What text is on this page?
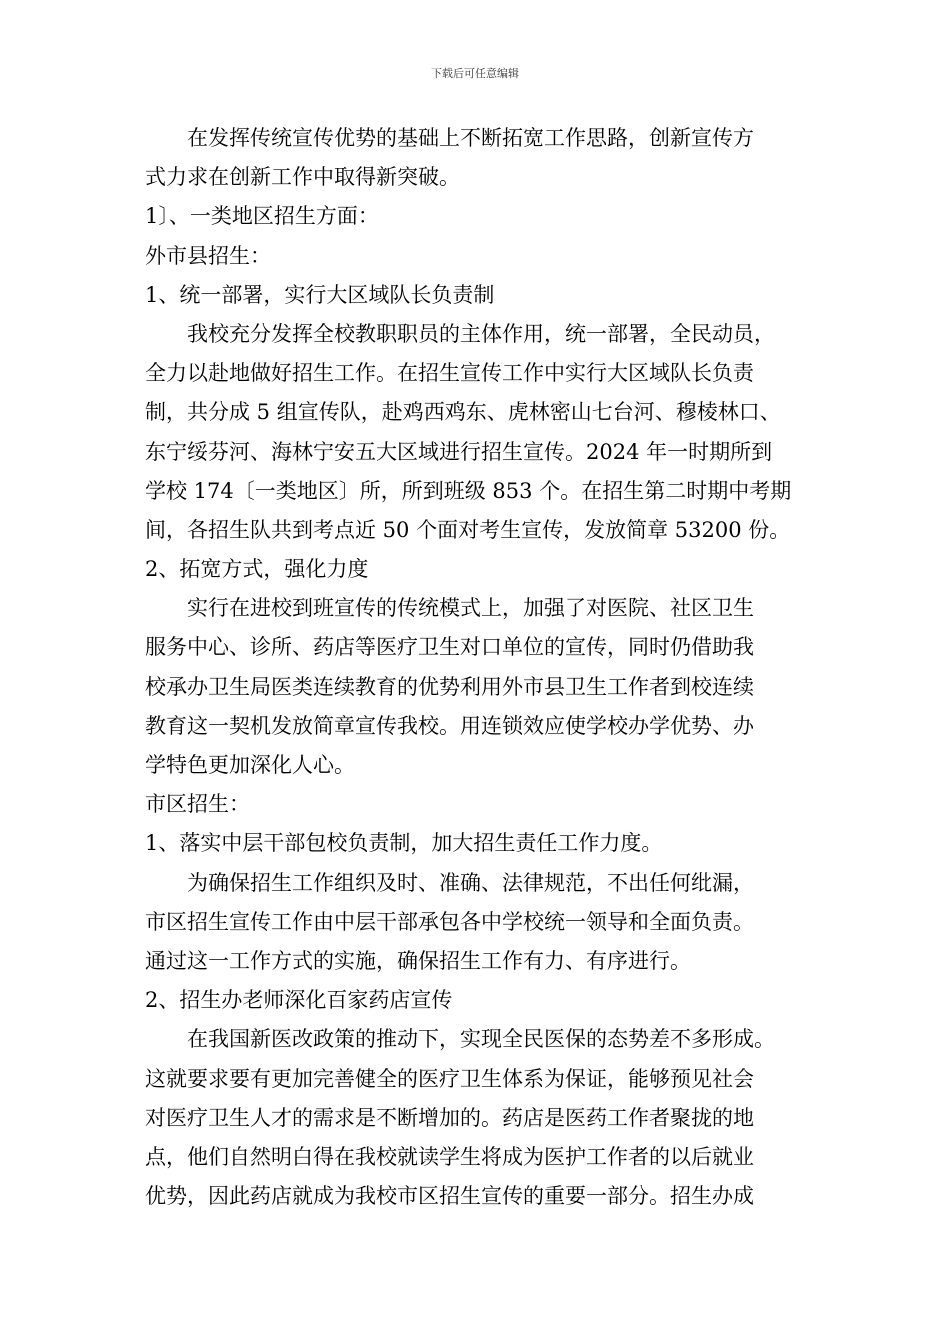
下载后可任意编辑
在发挥传统宣传优势的基础上不断拓宽工作思路，创新宣传方
式力求在创新工作中取得新突破。
1〕、一类地区招生方面：
外市县招生：
1、统一部署，实行大区域队长负责制
我校充分发挥全校教职职员的主体作用，统一部署，全民动员，
全力以赴地做好招生工作。在招生宣传工作中实行大区域队长负责
制，共分成 5 组宣传队，赴鸡西鸡东、虎林密山七台河、穆棱林口、
东宁绥芬河、海林宁安五大区域进行招生宣传。2024 年一时期所到
学校 174〔一类地区〕所，所到班级 853 个。在招生第二时期中考期
间，各招生队共到考点近 50 个面对考生宣传，发放简章 53200 份。
2、拓宽方式，强化力度
实行在进校到班宣传的传统模式上，加强了对医院、社区卫生
服务中心、诊所、药店等医疗卫生对口单位的宣传，同时仍借助我
校承办卫生局医类连续教育的优势利用外市县卫生工作者到校连续
教育这一契机发放简章宣传我校。用连锁效应使学校办学优势、办
学特色更加深化人心。
市区招生：
1、落实中层干部包校负责制，加大招生责任工作力度。
为确保招生工作组织及时、准确、法律规范，不出任何纰漏，
市区招生宣传工作由中层干部承包各中学校统一领导和全面负责。
通过这一工作方式的实施，确保招生工作有力、有序进行。
2、招生办老师深化百家药店宣传
在我国新医改政策的推动下，实现全民医保的态势差不多形成。
这就要求要有更加完善健全的医疗卫生体系为保证，能够预见社会
对医疗卫生人才的需求是不断增加的。药店是医药工作者聚拢的地
点，他们自然明白得在我校就读学生将成为医护工作者的以后就业
优势，因此药店就成为我校市区招生宣传的重要一部分。招生办成
